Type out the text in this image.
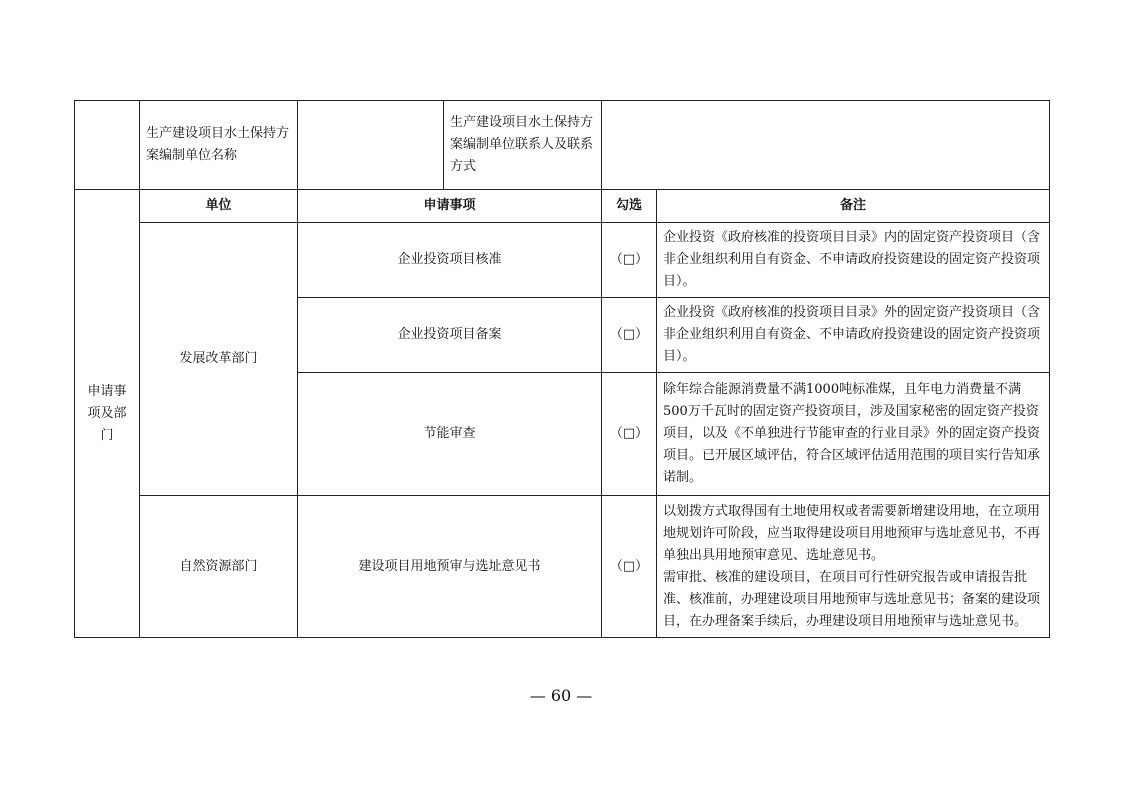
	生产建设项目水土保持方案编制单位名称		生产建设项目水土保持方案编制单位联系人及联系方式		
申请事项及部门	单位	申请事项		勾选	备注
	发展改革部门	企业投资项目核准		（□）	企业投资《政府核准的投资项目目录》内的固定资产投资项目（含非企业组织利用自有资金、不申请政府投资建设的固定资产投资项目）。
		企业投资项目备案		（□）	企业投资《政府核准的投资项目目录》外的固定资产投资项目（含非企业组织利用自有资金、不申请政府投资建设的固定资产投资项目）。
		节能审查		（□）	除年综合能源消费量不满1000吨标准煤，且年电力消费量不满500万千瓦时的固定资产投资项目，涉及国家秘密的固定资产投资项目，以及《不单独进行节能审查的行业目录》外的固定资产投资项目。已开展区域评估，符合区域评估适用范围的项目实行告知承诺制。
	自然资源部门	建设项目用地预审与选址意见书		（□）	以划拨方式取得国有土地使用权或者需要新增建设用地，在立项用地规划许可阶段，应当取得建设项目用地预审与选址意见书，不再单独出具用地预审意见、选址意见书。
需审批、核准的建设项目，在项目可行性研究报告或申请报告批准、核准前，办理建设项目用地预审与选址意见书；备案的建设项目，在办理备案手续后，办理建设项目用地预审与选址意见书。
— 60 —
